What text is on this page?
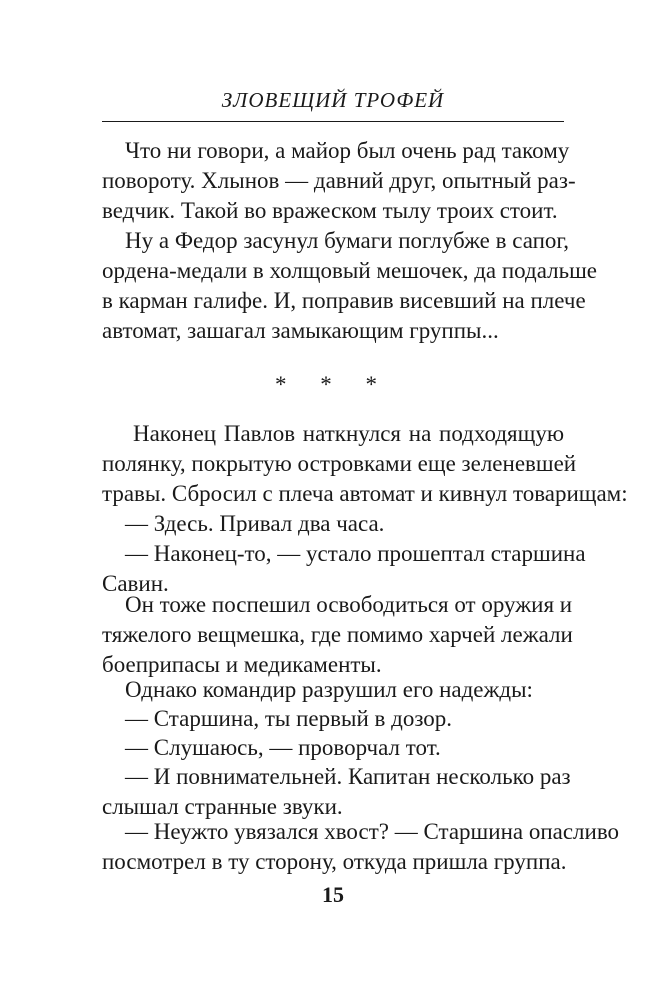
ЗЛОВЕЩИЙ ТРОФЕЙ
Что ни говори, а майор был очень рад такому
повороту. Хлынов — давний друг, опытный раз-
ведчик. Такой во вражеском тылу троих стоит.
Ну а Федор засунул бумаги поглубже в сапог,
ордена-медали в холщовый мешочек, да подальше
в карман галифе. И, поправив висевший на плече
автомат, зашагал замыкающим группы...
* * *
Наконец Павлов наткнулся на подходящую
полянку, покрытую островками еще зеленевшей
травы. Сбросил с плеча автомат и кивнул товарищам:
— Здесь. Привал два часа.
— Наконец-то, — устало прошептал старшина
Савин.
Он тоже поспешил освободиться от оружия и
тяжелого вещмешка, где помимо харчей лежали
боеприпасы и медикаменты.
Однако командир разрушил его надежды:
— Старшина, ты первый в дозор.
— Слушаюсь, — проворчал тот.
— И повнимательней. Капитан несколько раз
слышал странные звуки.
— Неужто увязался хвост? — Старшина опасливо
посмотрел в ту сторону, откуда пришла группа.
15
